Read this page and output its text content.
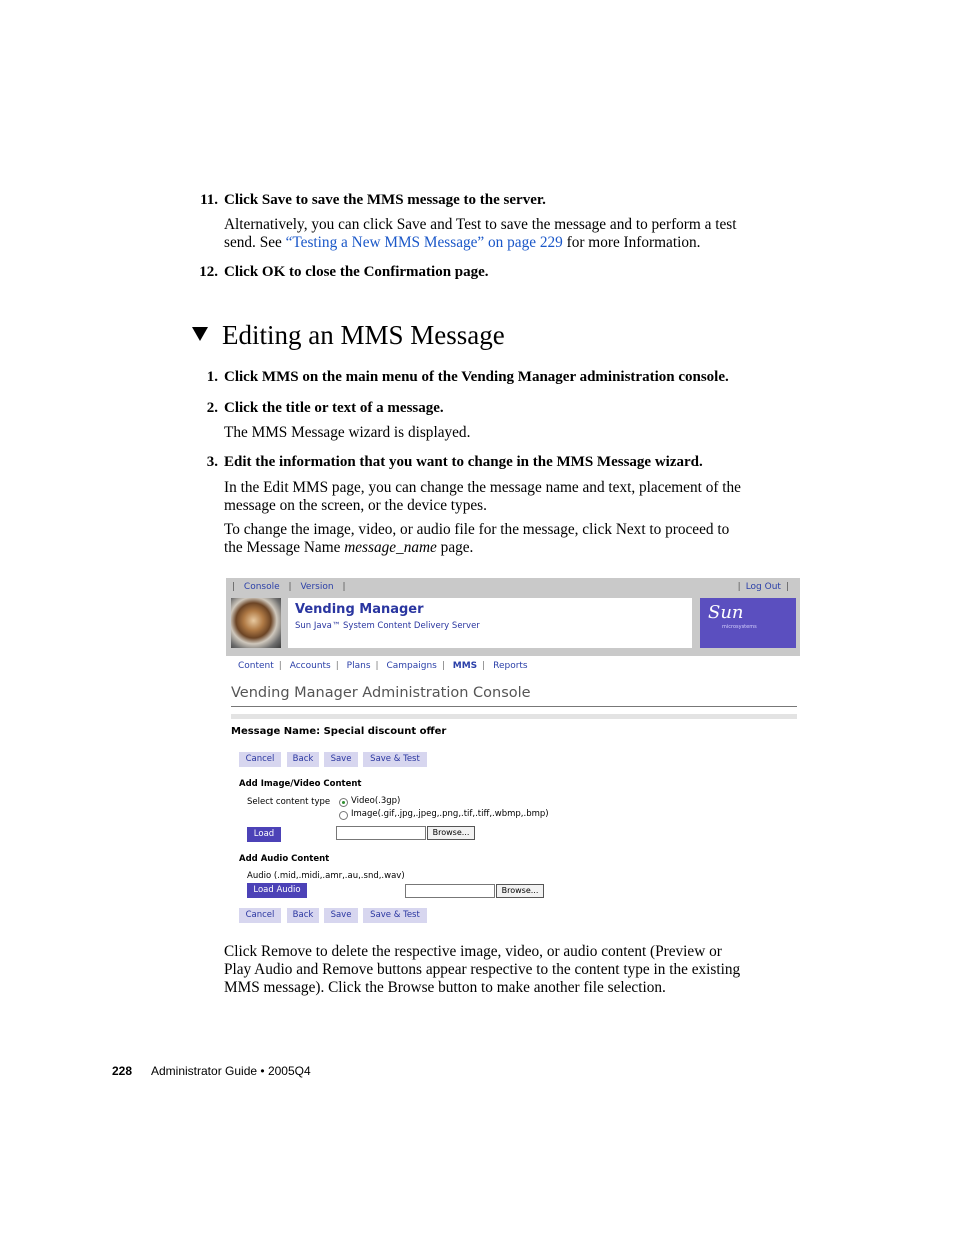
11. Click Save to save the MMS message to the server.
Alternatively, you can click Save and Test to save the message and to perform a test
send. See “Testing a New MMS Message” on page 229 for more Information.
12. Click OK to close the Confirmation page.
Editing an MMS Message
1. Click MMS on the main menu of the Vending Manager administration console.
2. Click the title or text of a message.
The MMS Message wizard is displayed.
3. Edit the information that you want to change in the MMS Message wizard.
In the Edit MMS page, you can change the message name and text, placement of the
message on the screen, or the device types.
To change the image, video, or audio file for the message, click Next to proceed to
the Message Name message_name page.
| Console | Version |	| Log Out |
Vending Manager
Sun Java™ System Content Delivery Server
Sun
microsystems
Content | Accounts | Plans | Campaigns | MMS | Reports
Vending Manager Administration Console
Message Name: Special discount offer
Cancel	Back	Save	Save & Test
Add Image/Video Content
Select content type Video(.3gp)
Image(.gif,.jpg,.jpeg,.png,.tif,.tiff,.wbmp,.bmp)
Load	Browse...
Add Audio Content
Audio (.mid,.midi,.amr,.au,.snd,.wav)
Load Audio	Browse...
Cancel	Back	Save	Save & Test
Click Remove to delete the respective image, video, or audio content (Preview or
Play Audio and Remove buttons appear respective to the content type in the existing
MMS message). Click the Browse button to make another file selection.
228 Administrator Guide • 2005Q4
